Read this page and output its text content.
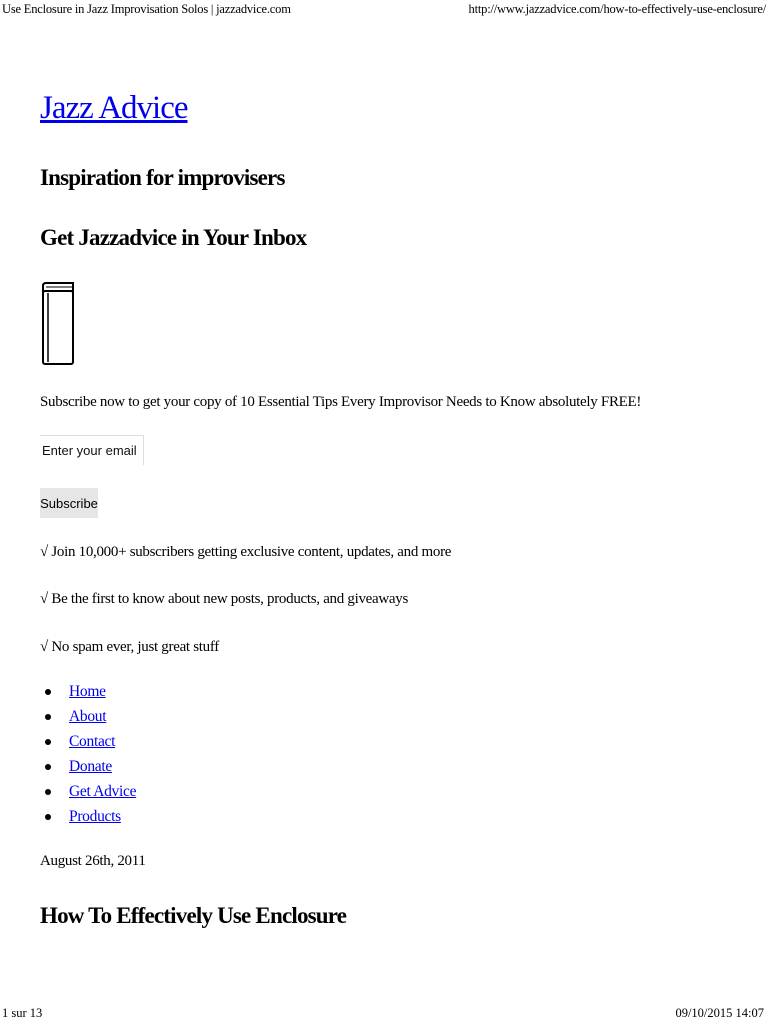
Use Enclosure in Jazz Improvisation Solos | jazzadvice.com	http://www.jazzadvice.com/how-to-effectively-use-enclosure/
Jazz Advice
Inspiration for improvisers
Get Jazzadvice in Your Inbox
Subscribe now to get your copy of 10 Essential Tips Every Improvisor Needs to Know absolutely FREE!
Enter your email here
Subscribe
√ Join 10,000+ subscribers getting exclusive content, updates, and more
√ Be the first to know about new posts, products, and giveaways
√ No spam ever, just great stuff
Home
About
Contact
Donate
Get Advice
Products
August 26th, 2011
How To Effectively Use Enclosure
1 sur 13	09/10/2015 14:07
